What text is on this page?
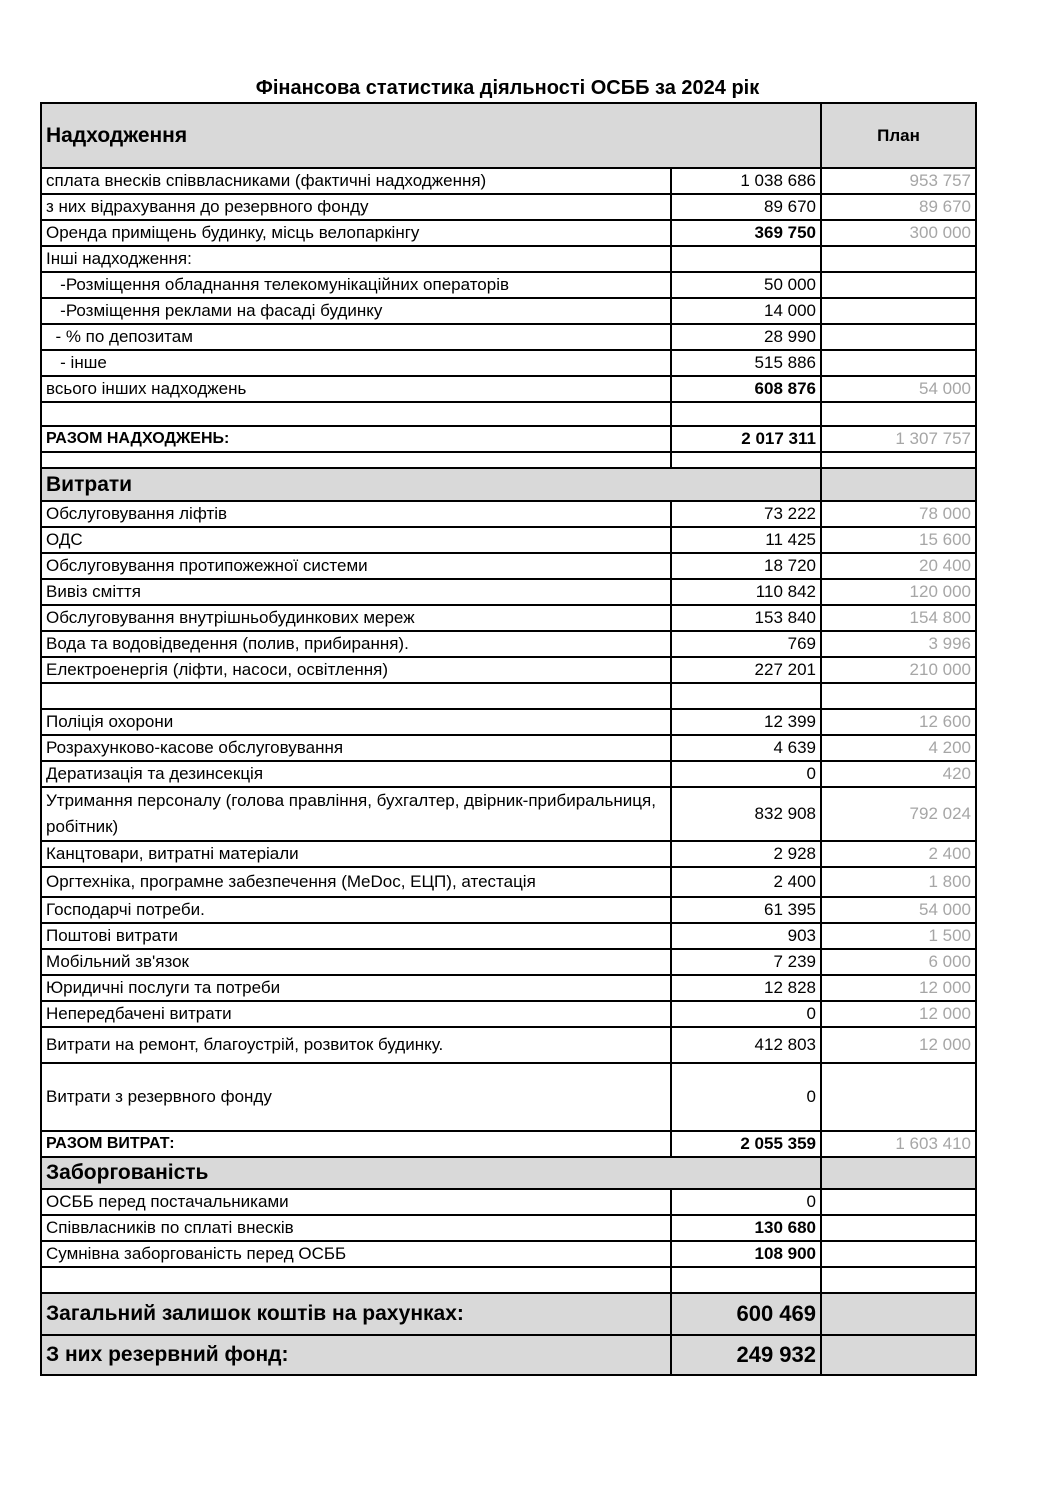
Фінансова статистика діяльності ОСББ за 2024 рік
Надходження		План
сплата внесків співвласниками (фактичні надходження)	1 038 686	953 757
з них відрахування до резервного фонду	89 670	89 670
Оренда приміщень будинку, місць велопаркінгу	369 750	300 000
Інші надходження:		
-Розміщення обладнання телекомунікаційних операторів	50 000	
-Розміщення реклами на фасаді будинку	14 000	
- % по депозитам	28 990	
- інше	515 886	
всього інших надходжень	608 876	54 000

РАЗОМ НАДХОДЖЕНЬ:	2 017 311	1 307 757

Витрати		
Обслуговування ліфтів	73 222	78 000
ОДС	11 425	15 600
Обслуговування протипожежної системи	18 720	20 400
Вивіз сміття	110 842	120 000
Обслуговування внутрішньобудинкових мереж	153 840	154 800
Вода та водовідведення (полив, прибирання).	769	3 996
Електроенергія (ліфти, насоси, освітлення)	227 201	210 000

Поліція охорони	12 399	12 600
Розрахунково-касове обслуговування	4 639	4 200
Дератизація та дезинсекція	0	420
Утримання персоналу (голова правління, бухгалтер, двірник-прибиральниця, робітник)	832 908	792 024
Канцтовари, витратні матеріали	2 928	2 400
Оргтехніка, програмне забезпечення (MeDoc, ЕЦП), атестація	2 400	1 800
Господарчі потреби.	61 395	54 000
Поштові витрати	903	1 500
Мобільний зв'язок	7 239	6 000
Юридичні послуги та потреби	12 828	12 000
Непередбачені витрати	0	12 000
Витрати на ремонт, благоустрій, розвиток будинку.	412 803	12 000
Витрати з резервного фонду	0	
РАЗОМ ВИТРАТ:	2 055 359	1 603 410
Заборгованість		
ОСББ перед постачальниками	0	
Співвласників по сплаті внесків	130 680	
Сумнівна заборгованість перед ОСББ	108 900	

Загальний залишок коштів на рахунках:	600 469	
З них резервний фонд:	249 932	
